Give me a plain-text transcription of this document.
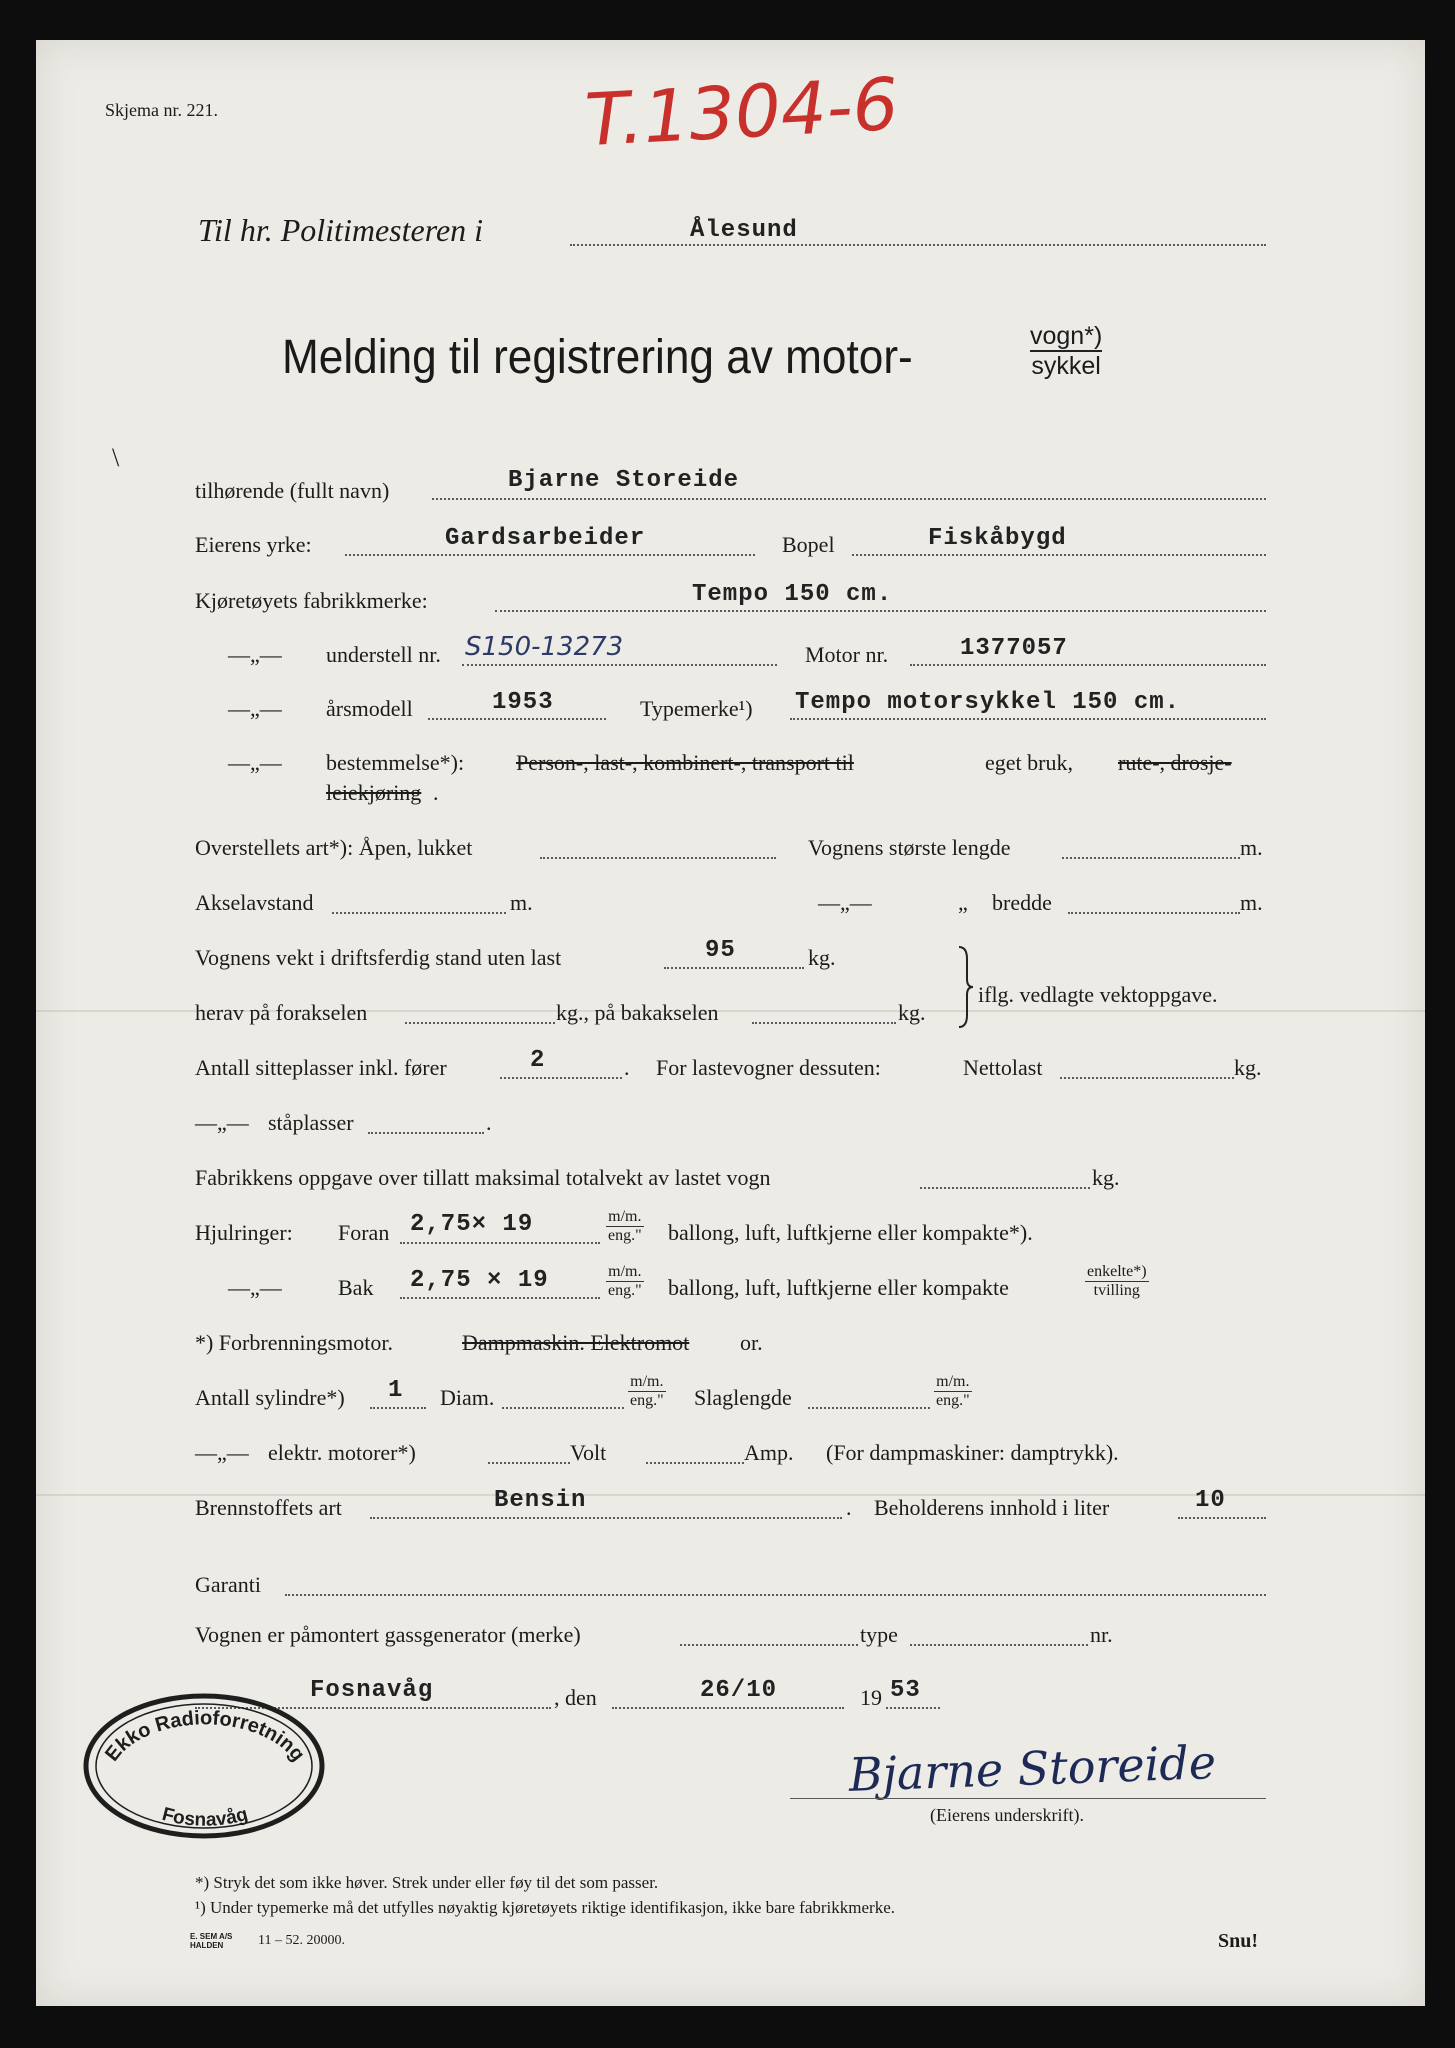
Skjema nr. 221.	T.1304-6
Til hr. Politimesteren i	Ålesund
Melding til registrering av motor-	vogn*)
sykkel
\
tilhørende (fullt navn)	Bjarne Storeide
Eierens yrke:	Gardsarbeider	Bopel	Fiskåbygd
Kjøretøyets fabrikkmerke:	Tempo 150 cm.
—„— understell nr. S150-13273	Motor nr.	1377057
—„— årsmodell	1953	Typemerke¹) Tempo motorsykkel 150 cm.
—„— bestemmelse*): Person-, last-, kombinert-, transport til	eget bruk, rute-, drosje-
leiekjøring .
Overstellets art*): Åpen, lukket	Vognens største lengde	m.
Akselavstand	m.	—„—	„ bredde	m.
Vognens vekt i driftsferdig stand uten last	95	kg.
herav på forakselen	kg., på bakakselen	kg.
iflg. vedlagte vektoppgave.
Antall sitteplasser inkl. fører	2	. For lastevogner dessuten:	Nettolast	kg.
—„— ståplasser	.
Fabrikkens oppgave over tillatt maksimal totalvekt av lastet vogn	kg.
Hjulringer: Foran 2,75× 19	m/m.
eng." ballong, luft, luftkjerne eller kompakte*).
—„—	Bak 2,75 × 19	m/m.
eng." ballong, luft, luftkjerne eller kompakte
enkelte*)
tvilling
*) Forbrenningsmotor.	Dampmaskin. Elektromot or.
Antall sylindre*) 1 Diam.
m/m.
eng." Slaglengde
m/m.
eng."
—„— elektr. motorer*)	Volt	Amp. (For dampmaskiner: damptrykk).
Brennstoffets art	Bensin	. Beholderens innhold i liter	10
Garanti
Vognen er påmontert gassgenerator (merke)	type	nr.
Fosnavåg	, den	26/10	19 53
Ekko Radioforretning
Fosnavåg
Bjarne Storeide
(Eierens underskrift).
*) Stryk det som ikke høver. Strek under eller føy til det som passer.
¹) Under typemerke må det utfylles nøyaktig kjøretøyets riktige identifikasjon, ikke bare fabrikkmerke.
E. SEM A/S
HALDEN 11 – 52. 20000.	Snu!
